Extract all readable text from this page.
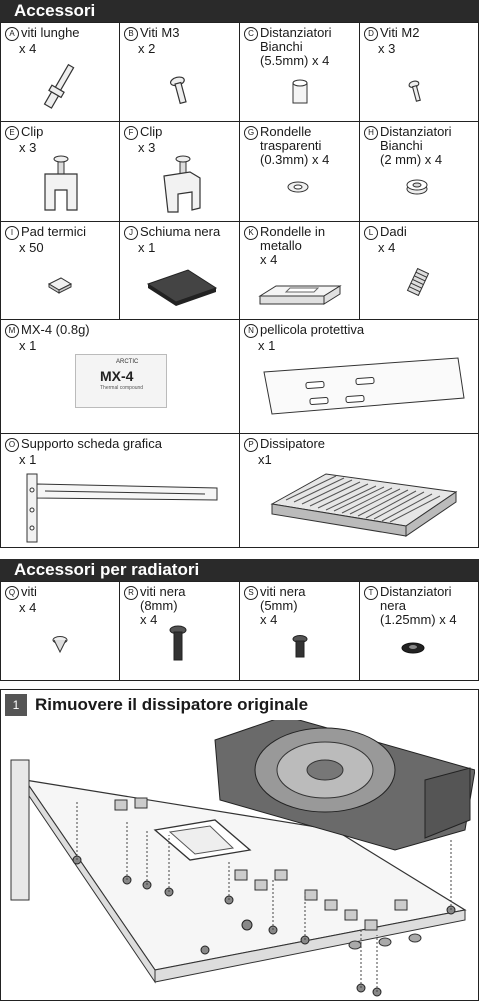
Accessori
A viti lunghe
x 4
B Viti M3
x 2
C Distanziatori
Bianchi
(5.5mm) x 4
D Viti M2
x 3
E Clip
x 3
F Clip
x 3
G Rondelle
trasparenti
(0.3mm) x 4
H Distanziatori
Bianchi
(2 mm) x 4
I Pad termici
x 50
J Schiuma nera
x 1
K Rondelle in
metallo
x 4
L Dadi
x 4
M MX-4 (0.8g)
x 1
ARCTIC
MX-4
Thermal compound
N pellicola protettiva
x 1
O Supporto scheda grafica
x 1
P Dissipatore
x1
Accessori per radiatori
Q viti
x 4
R viti nera
(8mm)
x 4
S viti nera
(5mm)
x 4
T Distanziatori
nera
(1.25mm) x 4
1 Rimuovere il dissipatore originale
